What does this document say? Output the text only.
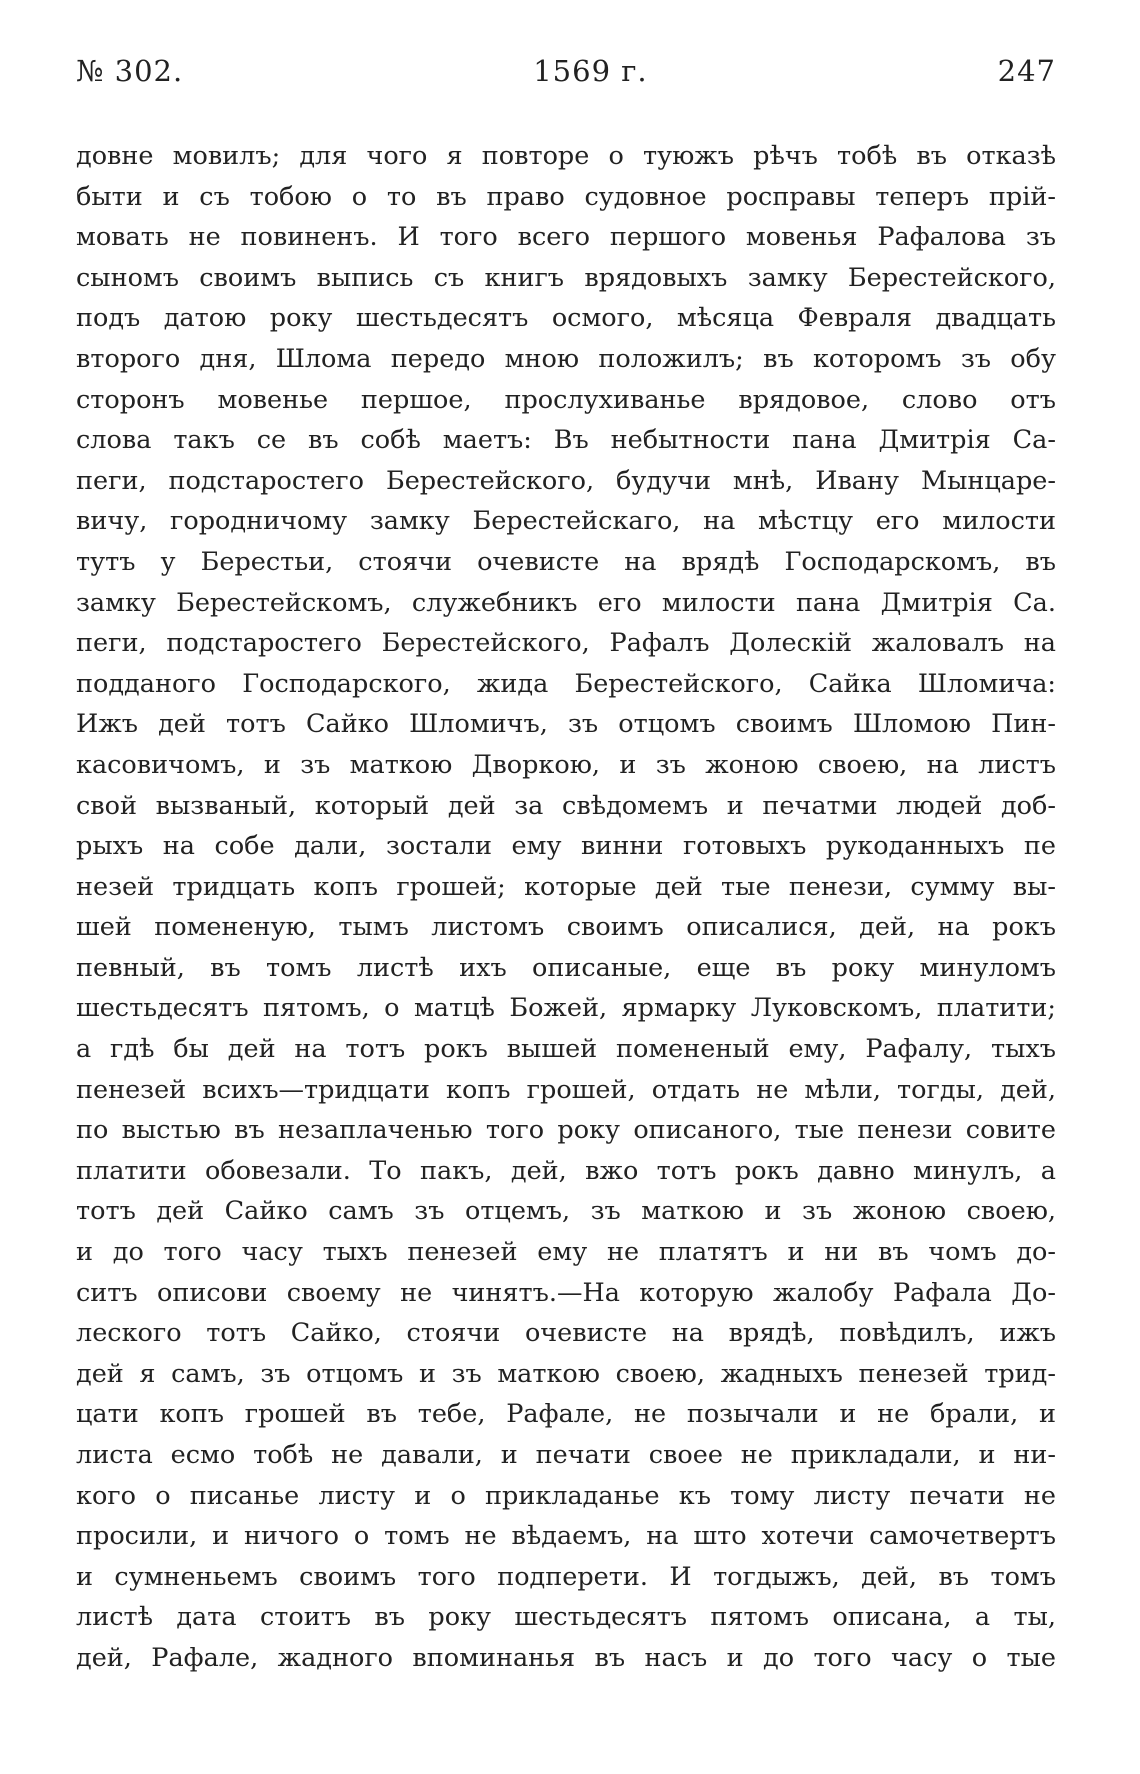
№ 302.	1569 г.	247
довне мовилъ; для чого я повторе о туюжъ рѣчъ тобѣ въ отказѣ
быти и съ тобою о то въ право судовное росправы теперъ прій-
мовать не повиненъ. И того всего першого мовенья Рафалова зъ
сыномъ своимъ выпись съ книгъ врядовыхъ замку Берестейского,
подъ датою року шестьдесятъ осмого, мѣсяца Февраля двадцать
второго дня, Шлома передо мною положилъ; въ которомъ зъ обу
сторонъ мовенье першое, прослухиванье врядовое, слово отъ
слова такъ се въ собѣ маетъ: Въ небытности пана Дмитрія Са-
пеги, подстаростего Берестейского, будучи мнѣ, Ивану Мынцаре-
вичу, городничому замку Берестейскаго, на мѣстцу его милости
тутъ у Берестьи, стоячи очевисте на врядѣ Господарскомъ, въ
замку Берестейскомъ, служебникъ его милости пана Дмитрія Са.
пеги, подстаростего Берестейского, Рафалъ Долескій жаловалъ на
подданого Господарского, жида Берестейского, Сайка Шломича:
Ижъ дей тотъ Сайко Шломичъ, зъ отцомъ своимъ Шломою Пин-
касовичомъ, и зъ маткою Дворкою, и зъ жоною своею, на листъ
свой вызваный, который дей за свѣдомемъ и печатми людей доб-
рыхъ на собе дали, зостали ему винни готовыхъ рукоданныхъ пе
незей тридцать копъ грошей; которые дей тые пенези, сумму вы-
шей помененую, тымъ листомъ своимъ описалися, дей, на рокъ
певный, въ томъ листѣ ихъ описаные, еще въ року минуломъ
шестьдесятъ пятомъ, о матцѣ Божей, ярмарку Луковскомъ, платити;
а гдѣ бы дей на тотъ рокъ вышей помененый ему, Рафалу, тыхъ
пенезей всихъ—тридцати копъ грошей, отдать не мѣли, тогды, дей,
по выстью въ незаплаченью того року описаного, тые пенези совите
платити обовезали. То пакъ, дей, вжо тотъ рокъ давно минулъ, а
тотъ дей Сайко самъ зъ отцемъ, зъ маткою и зъ жоною своею,
и до того часу тыхъ пенезей ему не платятъ и ни въ чомъ до-
ситъ описови своему не чинятъ.—На которую жалобу Рафала До-
леского тотъ Сайко, стоячи очевисте на врядѣ, повѣдилъ, ижъ
дей я самъ, зъ отцомъ и зъ маткою своею, жадныхъ пенезей трид-
цати копъ грошей въ тебе, Рафале, не позычали и не брали, и
листа есмо тобѣ не давали, и печати своее не прикладали, и ни-
кого о писанье листу и о прикладанье къ тому листу печати не
просили, и ничого о томъ не вѣдаемъ, на што хотечи самочетвертъ
и сумненьемъ своимъ того подперети. И тогдыжъ, дей, въ томъ
листѣ дата стоитъ въ року шестьдесятъ пятомъ описана, а ты,
дей, Рафале, жадного впоминанья въ насъ и до того часу о тые
